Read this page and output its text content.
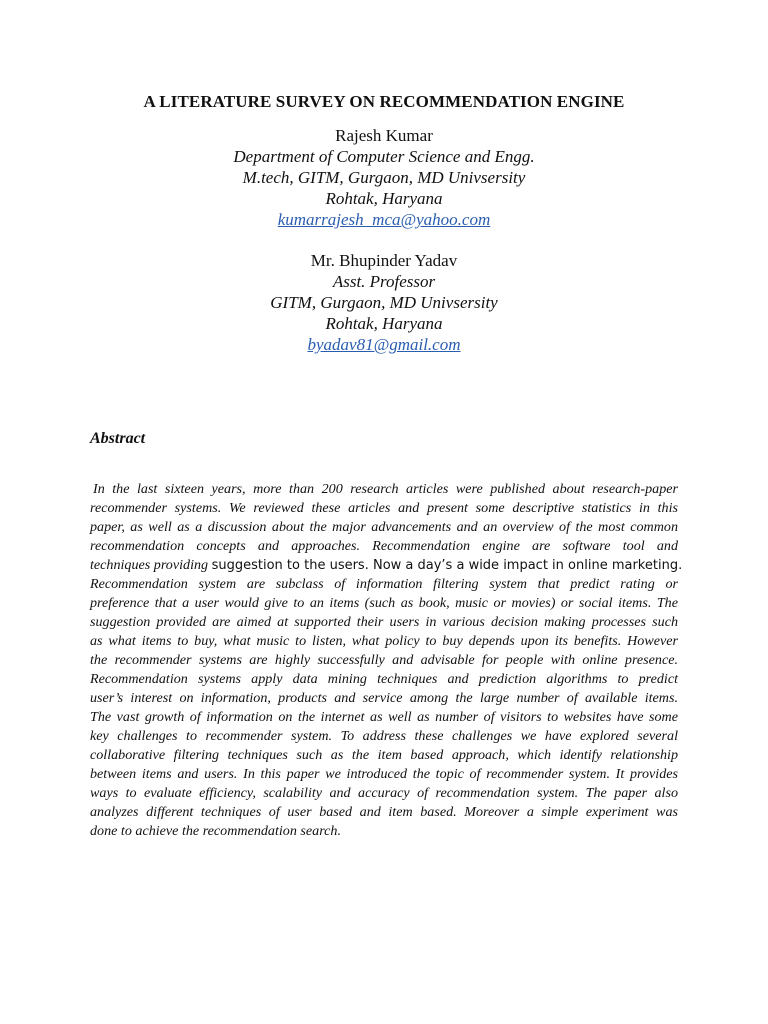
A LITERATURE SURVEY ON RECOMMENDATION ENGINE
Rajesh Kumar
Department of Computer Science and Engg.
M.tech, GITM, Gurgaon, MD Univsersity
Rohtak, Haryana
kumarrajesh_mca@yahoo.com
Mr. Bhupinder Yadav
Asst. Professor
GITM, Gurgaon, MD Univsersity
Rohtak, Haryana
byadav81@gmail.com
Abstract
In the last sixteen years, more than 200 research articles were published about research-paper
recommender systems. We reviewed these articles and present some descriptive statistics in this
paper, as well as a discussion about the major advancements and an overview of the most common
recommendation concepts and approaches. Recommendation engine are software tool and
techniques providing suggestion to the users. Now a day’s a wide impact in online marketing.
Recommendation system are subclass of information filtering system that predict rating or
preference that a user would give to an items (such as book, music or movies) or social items. The
suggestion provided are aimed at supported their users in various decision making processes such
as what items to buy, what music to listen, what policy to buy depends upon its benefits. However
the recommender systems are highly successfully and advisable for people with online presence.
Recommendation systems apply data mining techniques and prediction algorithms to predict
user’s interest on information, products and service among the large number of available items.
The vast growth of information on the internet as well as number of visitors to websites have some
key challenges to recommender system. To address these challenges we have explored several
collaborative filtering techniques such as the item based approach, which identify relationship
between items and users. In this paper we introduced the topic of recommender system. It provides
ways to evaluate efficiency, scalability and accuracy of recommendation system. The paper also
analyzes different techniques of user based and item based. Moreover a simple experiment was
done to achieve the recommendation search.
